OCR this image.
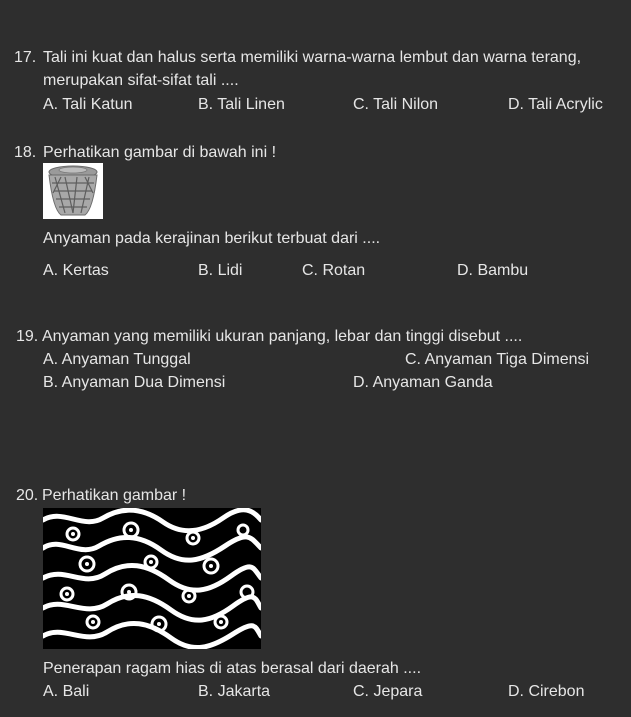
17. Tali ini kuat dan halus serta memiliki warna-warna lembut dan warna terang,
merupakan sifat-sifat tali ....
A. Tali Katun	B. Tali Linen	C. Tali Nilon	D. Tali Acrylic
18. Perhatikan gambar di bawah ini !
Anyaman pada kerajinan berikut terbuat dari ....
A. Kertas	B. Lidi	C. Rotan	D. Bambu
19. Anyaman yang memiliki ukuran panjang, lebar dan tinggi disebut ....
A. Anyaman Tunggal	C. Anyaman Tiga Dimensi
B. Anyaman Dua Dimensi	D. Anyaman Ganda
20. Perhatikan gambar !
Penerapan ragam hias di atas berasal dari daerah ....
A. Bali	B. Jakarta	C. Jepara	D. Cirebon
